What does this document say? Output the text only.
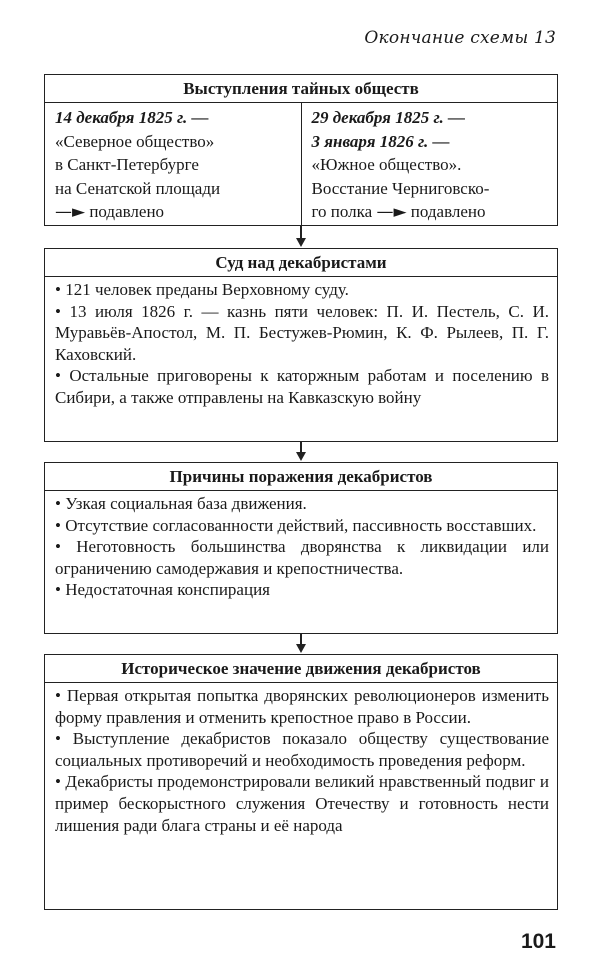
Окончание схемы 13
Выступления тайных обществ
14 декабря 1825 г. —
«Северное общество»
в Санкт-Петербурге
на Сенатской площади
—► подавлено
29 декабря 1825 г. —
3 января 1826 г. —
«Южное общество».
Восстание Черниговско-
го полка —► подавлено
Суд над декабристами

• 121 человек преданы Верховному суду.

• 13 июля 1826 г. — казнь пяти человек: П. И. Пестель, С. И. Муравьёв-Апостол, М. П. Бестужев-Рюмин, К. Ф. Рылеев, П. Г. Каховский.

• Остальные приговорены к каторжным работам и поселению в Сибири, а также отправлены на Кавказскую войну

Причины поражения декабристов

• Узкая социальная база движения.

• Отсутствие согласованности действий, пассивность восставших.

• Неготовность большинства дворянства к ликвидации или ограничению самодержавия и крепостничества.

• Недостаточная конспирация

Историческое значение движения декабристов

• Первая открытая попытка дворянских революционеров изменить форму правления и отменить крепостное право в России.

• Выступление декабристов показало обществу существование социальных противоречий и необходимость проведения реформ.

• Декабристы продемонстрировали великий нравственный подвиг и пример бескорыстного служения Отечеству и готовность нести лишения ради блага страны и её народа

101
